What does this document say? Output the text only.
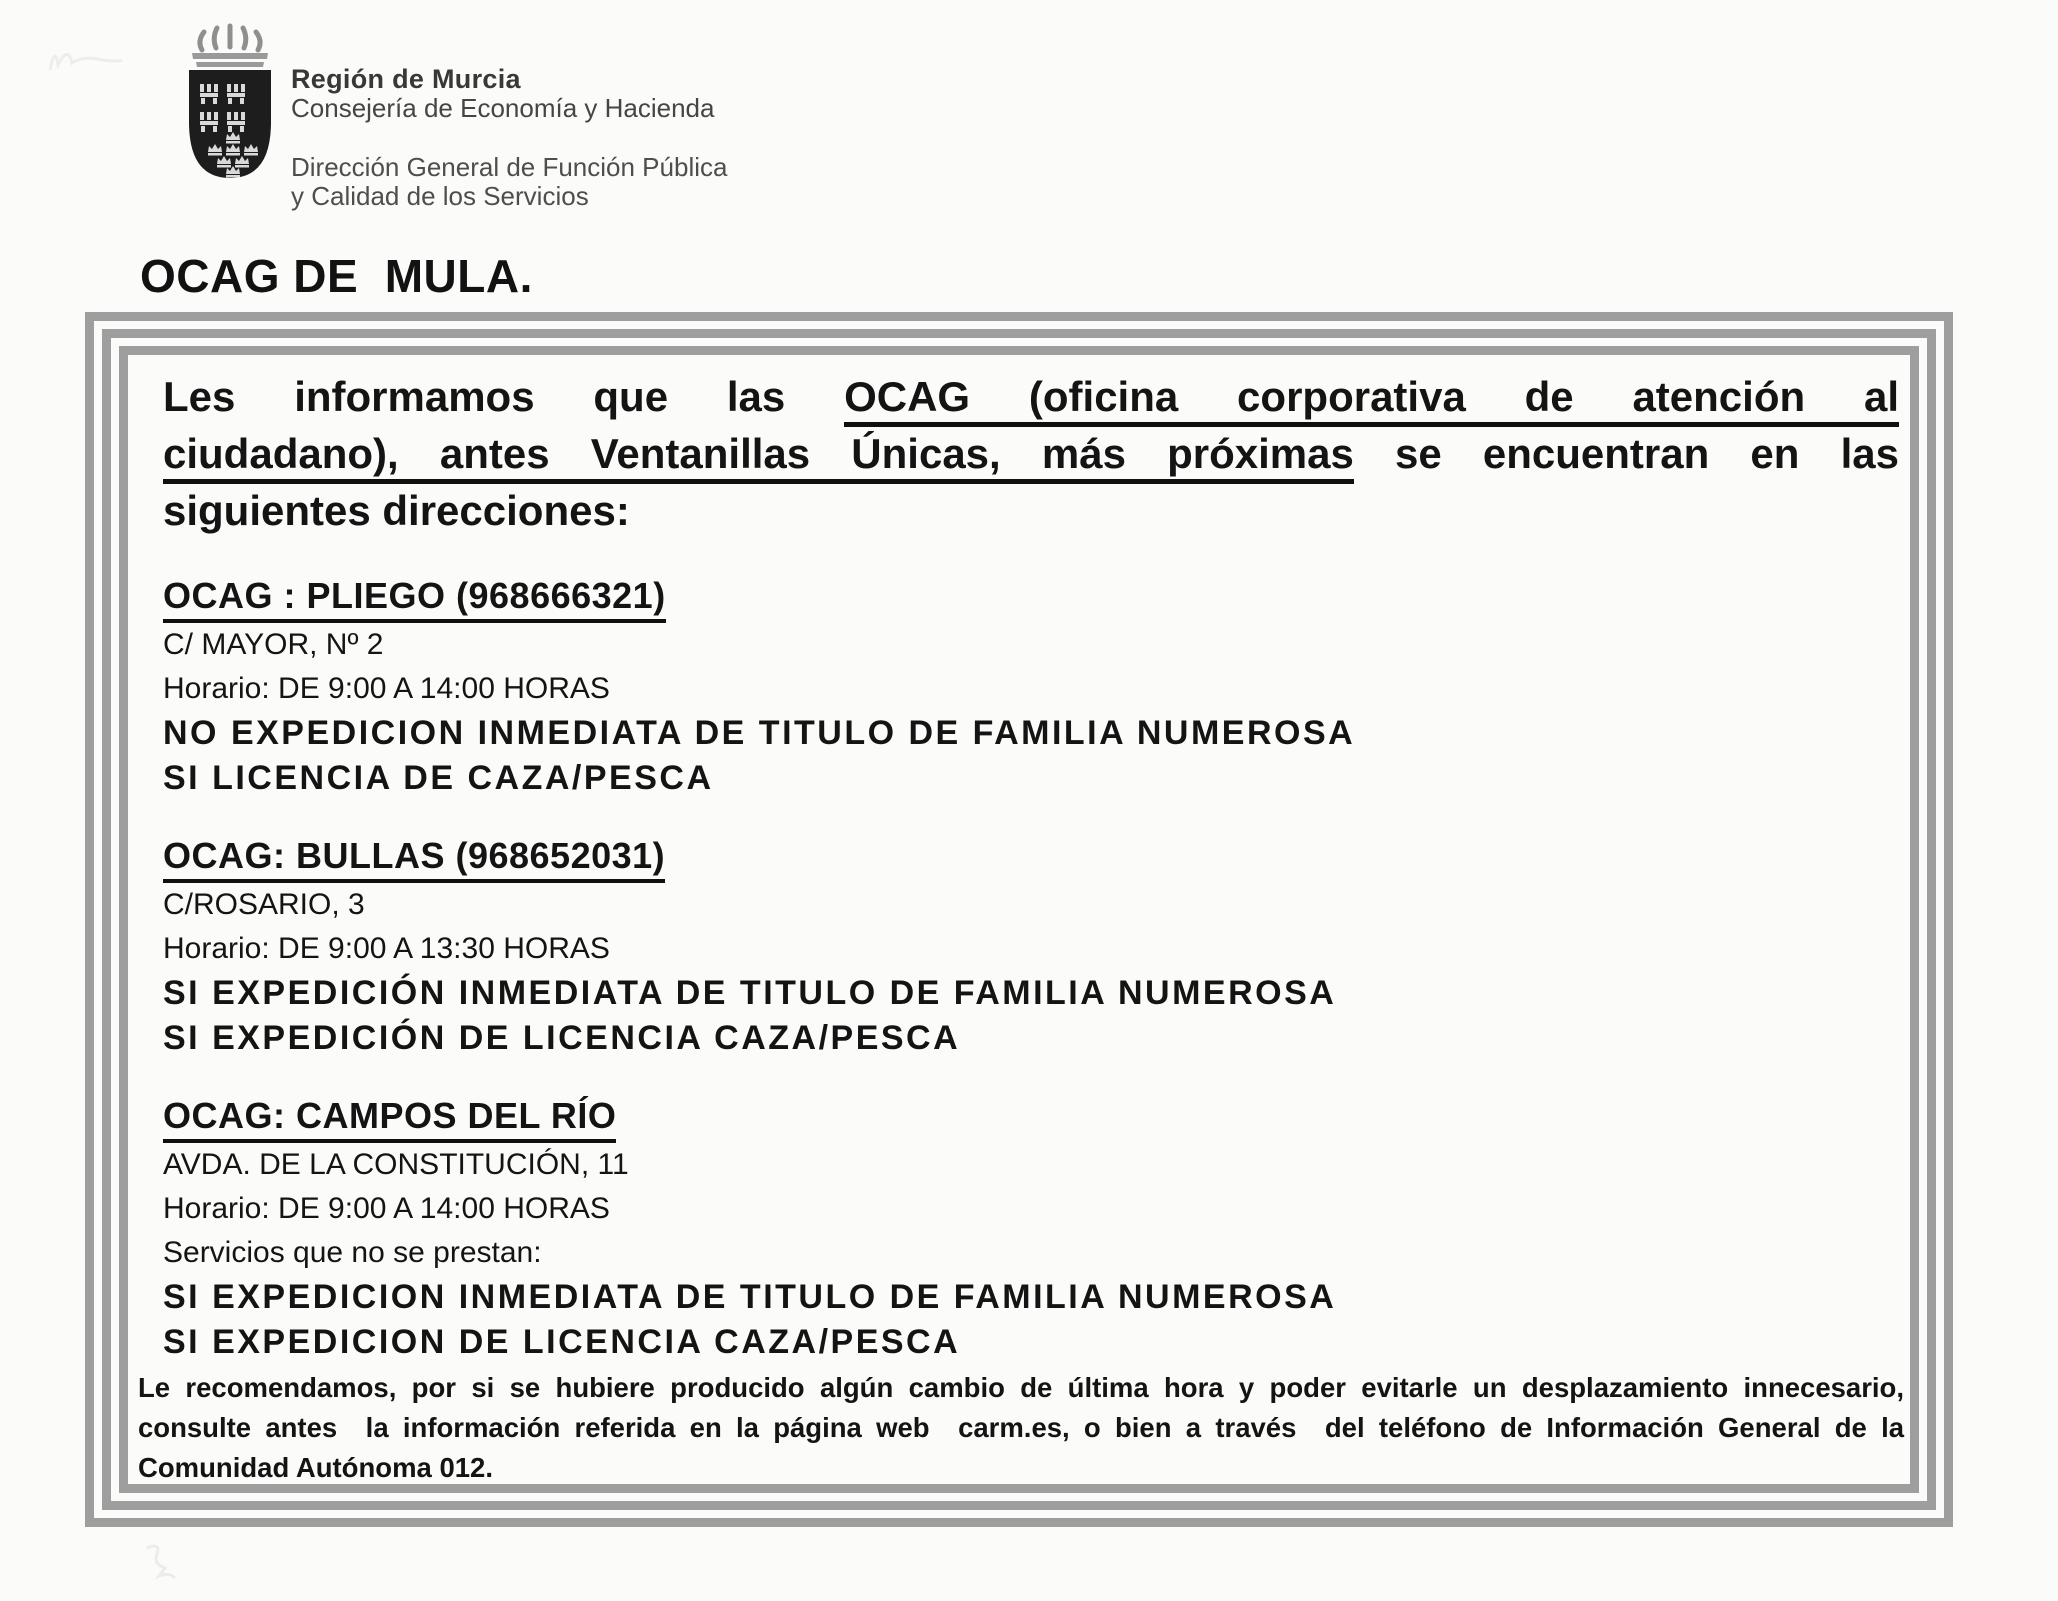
Región de Murcia
Consejería de Economía y Hacienda
Dirección General de Función Pública
y Calidad de los Servicios
OCAG DE  MULA.
Les informamos que las OCAG (oficina corporativa de atención al
ciudadano), antes Ventanillas Únicas, más próximas se encuentran en las
siguientes direcciones:
OCAG : PLIEGO (968666321)
C/ MAYOR, Nº 2
Horario: DE 9:00 A 14:00 HORAS
NO EXPEDICION INMEDIATA DE TITULO DE FAMILIA NUMEROSA
SI LICENCIA DE CAZA/PESCA
OCAG: BULLAS (968652031)
C/ROSARIO, 3
Horario: DE 9:00 A 13:30 HORAS
SI EXPEDICIÓN INMEDIATA DE TITULO DE FAMILIA NUMEROSA
SI EXPEDICIÓN DE LICENCIA CAZA/PESCA
OCAG: CAMPOS DEL RÍO
AVDA. DE LA CONSTITUCIÓN, 11
Horario: DE 9:00 A 14:00 HORAS
Servicios que no se prestan:
SI EXPEDICION INMEDIATA DE TITULO DE FAMILIA NUMEROSA
SI EXPEDICION DE LICENCIA CAZA/PESCA
Le recomendamos, por si se hubiere producido algún cambio de última hora y poder evitarle un desplazamiento innecesario,
consulte antes  la información referida en la página web  carm.es, o bien a través  del teléfono de Información General de la
Comunidad Autónoma 012.
